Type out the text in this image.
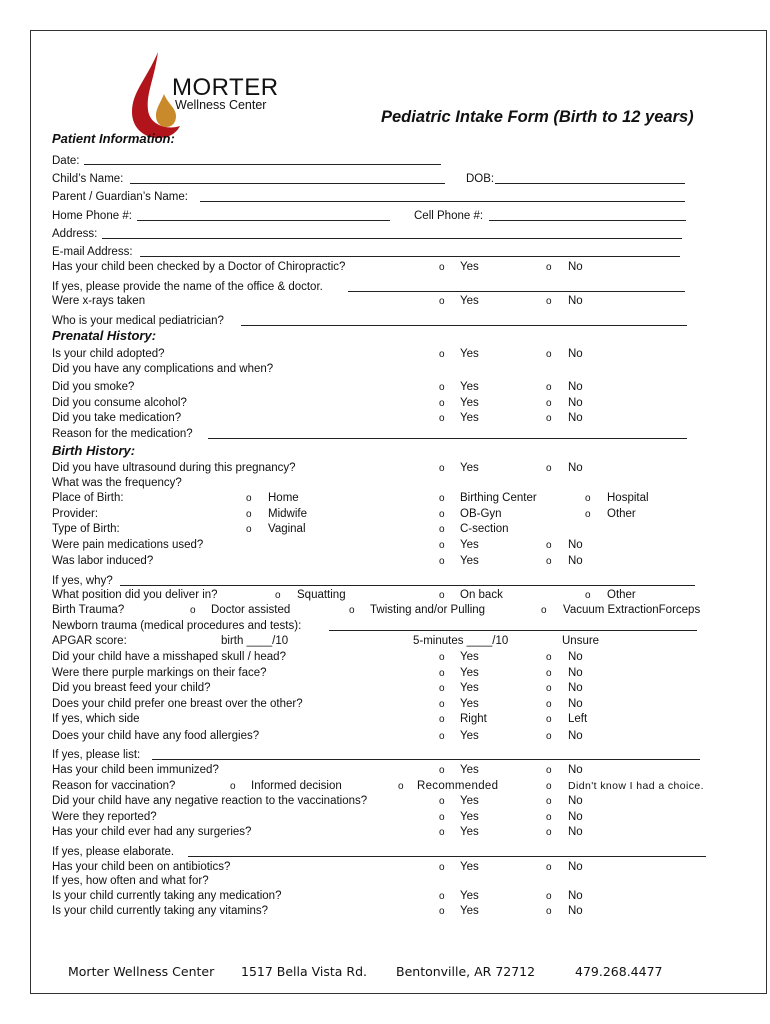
MORTER
Wellness Center
Pediatric Intake Form (Birth to 12 years)
Patient Information:
Date:
Child’s Name:	DOB:
Parent / Guardian’s Name:
Home Phone #:	Cell Phone #:
Address:
E-mail Address:
Has your child been checked by a Doctor of Chiropractic?	o Yes	o No
If yes, please provide the name of the office & doctor.
Were x-rays taken	o Yes	o No
Who is your medical pediatrician?
Prenatal History:
Is your child adopted?	o Yes	o No
Did you have any complications and when?
Did you smoke?	o Yes	o No
Did you consume alcohol?	o Yes	o No
Did you take medication?	o Yes	o No
Reason for the medication?
Birth History:
Did you have ultrasound during this pregnancy?	o Yes	o No
What was the frequency?
Place of Birth:	o Home	o Birthing Center	o Hospital
Provider:	o Midwife	o OB-Gyn	o Other
Type of Birth:	o Vaginal	o C-section
Were pain medications used?	o Yes	o No
Was labor induced?	o Yes	o No
If yes, why?
What position did you deliver in?	o Squatting	o On back	o Other
Birth Trauma?	o Doctor assisted	o Twisting and/or Pulling	o Vacuum ExtractionForceps
Newborn trauma (medical procedures and tests):
APGAR score:	birth ____/10	5-minutes ____/10	Unsure
Did your child have a misshaped skull / head?	o Yes	o No
Were there purple markings on their face?	o Yes	o No
Did you breast feed your child?	o Yes	o No
Does your child prefer one breast over the other?	o Yes	o No
If yes, which side	o Right	o Left
Does your child have any food allergies?	o Yes	o No
If yes, please list:
Has your child been immunized?	o Yes	o No
Reason for vaccination?	o Informed decision	o Recommended	o Didn't know I had a choice.
Did your child have any negative reaction to the vaccinations?	o Yes	o No
Were they reported?	o Yes	o No
Has your child ever had any surgeries?	o Yes	o No
If yes, please elaborate.
Has your child been on antibiotics?	o Yes	o No
If yes, how often and what for?
Is your child currently taking any medication?	o Yes	o No
Is your child currently taking any vitamins?	o Yes	o No
Morter Wellness Center 1517 Bella Vista Rd. Bentonville, AR 72712	479.268.4477
